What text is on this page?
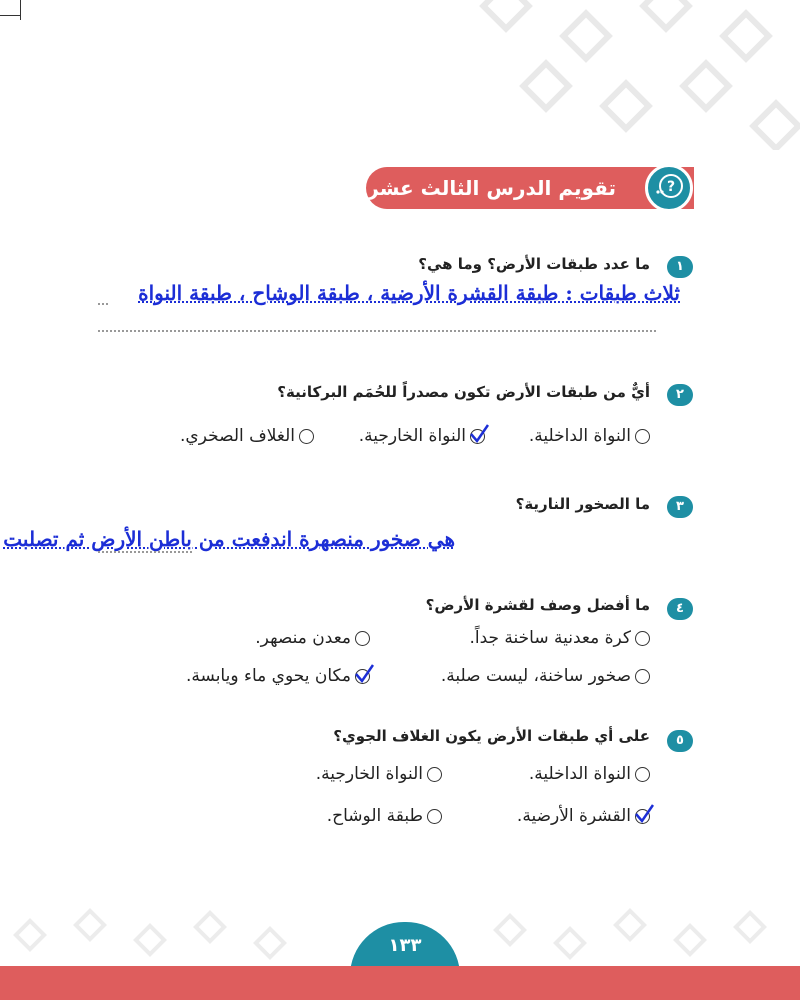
تقويم الدرس الثالث عشر	?
١
ما عدد طبقات الأرض؟ وما هي؟
ثلاث طبقات : طبقة القشرة الأرضية ، طبقة الوشاح ، طبقة النواة
٢
أيٌّ من طبقات الأرض تكون مصدراً للحُمَم البركانية؟
النواة الداخلية.
النواة الخارجية.
الغلاف الصخري.
٣
ما الصخور النارية؟
هي صخور منصهرة اندفعت من باطن الأرض ثم تصلبت
٤
ما أفضل وصف لقشرة الأرض؟
كرة معدنية ساخنة جداً.
معدن منصهر.
صخور ساخنة، ليست صلبة.
مكان يحوي ماء ويابسة.
٥
على أي طبقات الأرض يكون الغلاف الجوي؟
النواة الداخلية.
النواة الخارجية.
القشرة الأرضية.
طبقة الوشاح.
١٣٣
